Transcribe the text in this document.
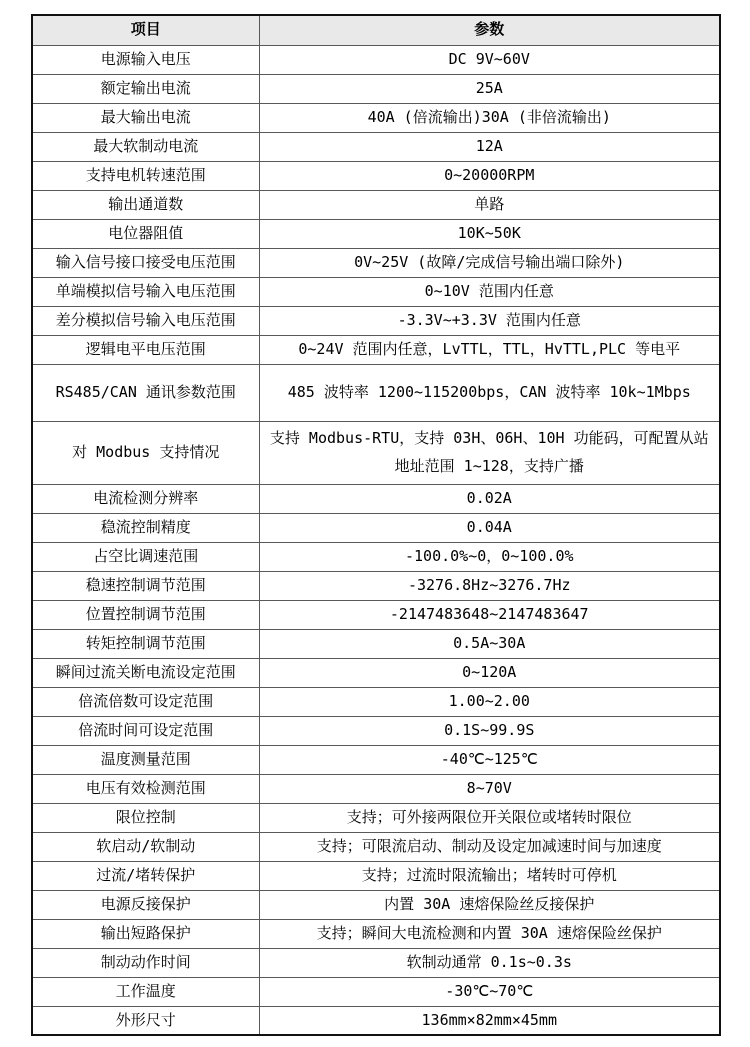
项目	参数
电源输入电压	DC 9V~60V
额定输出电流	25A
最大输出电流	40A (倍流输出)30A (非倍流输出)
最大软制动电流	12A
支持电机转速范围	0~20000RPM
输出通道数	单路
电位器阻值	10K~50K
输入信号接口接受电压范围	0V~25V (故障/完成信号输出端口除外)
单端模拟信号输入电压范围	0~10V 范围内任意
差分模拟信号输入电压范围	-3.3V~+3.3V 范围内任意
逻辑电平电压范围	0~24V 范围内任意，LvTTL，TTL，HvTTL,PLC 等电平
RS485/CAN 通讯参数范围	485 波特率 1200~115200bps，CAN 波特率 10k~1Mbps
对 Modbus 支持情况	支持 Modbus-RTU，支持 03H、06H、10H 功能码，可配置从站地址范围 1~128，支持广播
电流检测分辨率	0.02A
稳流控制精度	0.04A
占空比调速范围	-100.0%~0，0~100.0%
稳速控制调节范围	-3276.8Hz~3276.7Hz
位置控制调节范围	-2147483648~2147483647
转矩控制调节范围	0.5A~30A
瞬间过流关断电流设定范围	0~120A
倍流倍数可设定范围	1.00~2.00
倍流时间可设定范围	0.1S~99.9S
温度测量范围	-40℃~125℃
电压有效检测范围	8~70V
限位控制	支持；可外接两限位开关限位或堵转时限位
软启动/软制动	支持；可限流启动、制动及设定加减速时间与加速度
过流/堵转保护	支持；过流时限流输出；堵转时可停机
电源反接保护	内置 30A 速熔保险丝反接保护
输出短路保护	支持；瞬间大电流检测和内置 30A 速熔保险丝保护
制动动作时间	软制动通常 0.1s~0.3s
工作温度	-30℃~70℃
外形尺寸	136mm×82mm×45mm
